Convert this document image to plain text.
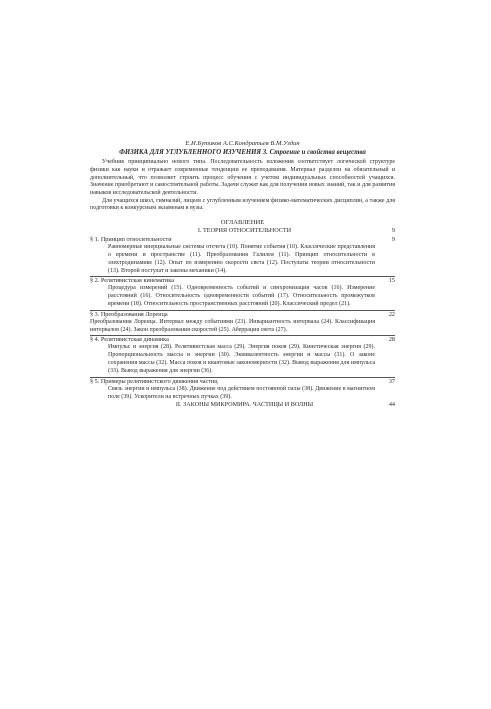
Е.И.Бутиков А.С.Кондратьев В.М.Уздин
ФИЗИКА ДЛЯ УГЛУБЛЕННОГО ИЗУЧЕНИЯ 3. Строение и свойства вещества

Учебник принципиально нового типа. Последовательность изложения соответствует логической структуре физики как науки и отражает современные тенденции ее преподавания. Материал разделен на обязательный и дополнительный, что позволяет строить процесс обучения с учетом индивидуальных способностей учащихся. Значение приобретают и самостоятельной работы. Задачи служат как для получения новых знаний, так и для развития навыков исследовательской деятельности.

Для учащихся школ, гимназий, лицеев с углубленным изучением физико-математических дисциплин, а также для подготовки к конкурсным экзаменам в вузы.

ОГЛАВЛЕНИЕ
I. ТЕОРИЯ ОТНОСИТЕЛЬНОСТИ	9
§ 1. Принцип относительности	9
Равномерные инерциальные системы отсчета (10). Понятие события (10). Классические представления о времени и пространстве (11). Преобразования Галилея (11). Принцип относительности в электродинамике (12). Опыт по измерению скорости света (12). Постулаты теории относительности (13). Второй постулат и законы механики (14).
§ 2. Релятивистская кинематика	15
Процедура измерений (15). Одновременность событий и синхронизация часов (16). Измерение расстояний (16). Относительность одновременности событий (17). Относительность промежутков времени (18). Относительность пространственных расстояний (20). Классический предел (21).
§ 3. Преобразования Лоренца	22
Преобразования Лоренца. Интервал между событиями (23). Инвариантность интервала (24). Классификация интервалов (24). Закон преобразования скоростей (25). Аберрация света (27).
§ 4. Релятивистская динамика	28
Импульс и энергия (28). Релятивистская масса (29). Энергия покоя (29). Кинетическая энергия (29). Пропорциональность массы и энергии (30). Эквивалентность энергии и массы (31). О законе сохранения массы (32). Масса покоя и квантовые закономерности (32). Вывод выражения для импульса (33). Вывод выражения для энергии (36).
§ 5. Примеры релятивистского движения частиц	37
Связь энергии и импульса (38). Движение под действием постоянной силы (38). Движение в магнитном поле (39). Ускорители на встречных пучках (39).
II. ЗАКОНЫ МИКРОМИРА. ЧАСТИЦЫ И ВОЛНЫ	44
